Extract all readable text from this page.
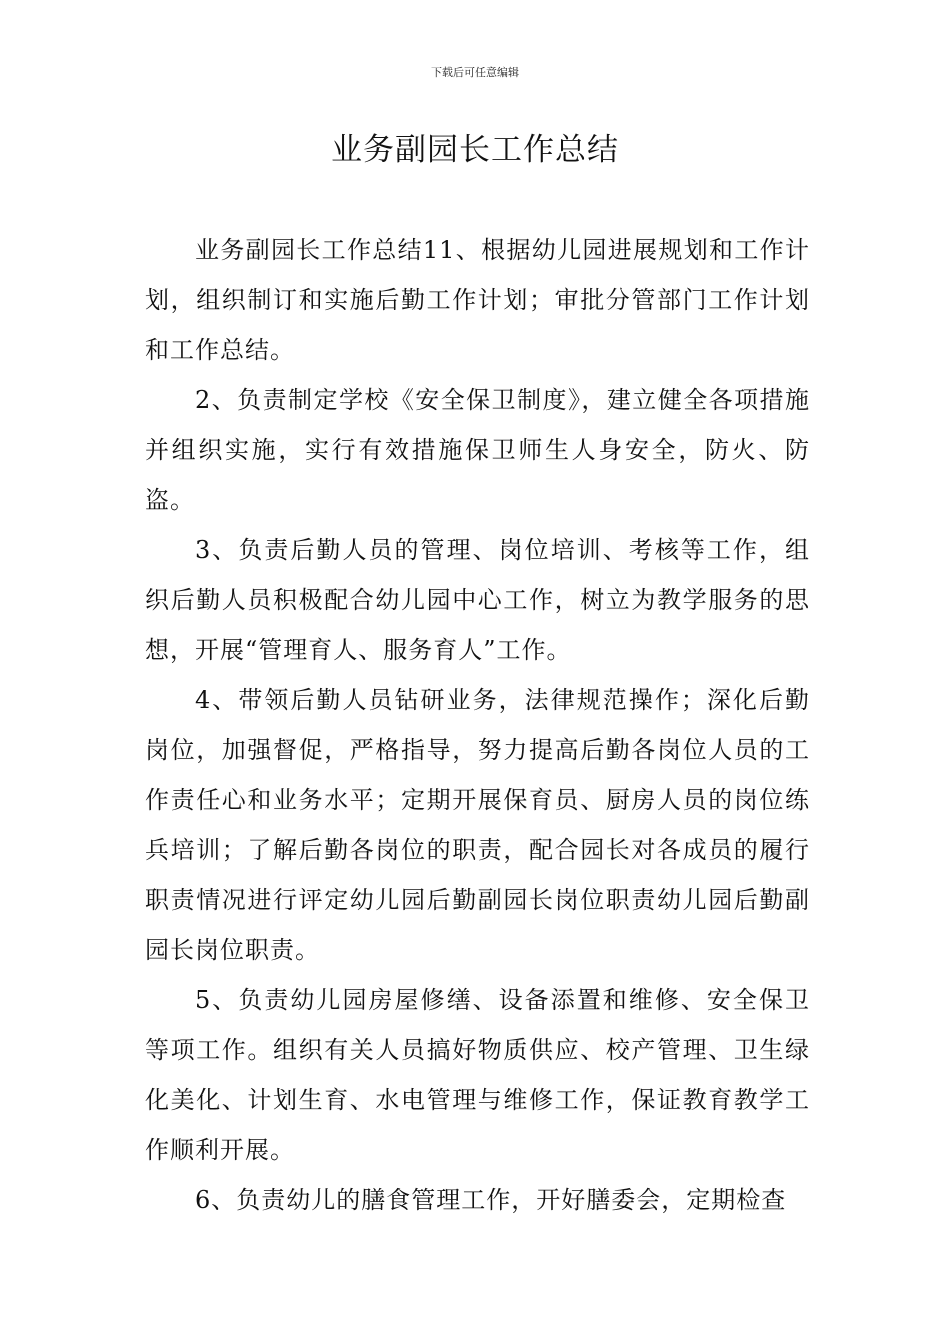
下载后可任意编辑
业务副园长工作总结

业务副园长工作总结11、根据幼儿园进展规划和工作计划，组织制订和实施后勤工作计划；审批分管部门工作计划和工作总结。

2、负责制定学校《安全保卫制度》，建立健全各项措施并组织实施，实行有效措施保卫师生人身安全，防火、防盗。

3、负责后勤人员的管理、岗位培训、考核等工作，组织后勤人员积极配合幼儿园中心工作，树立为教学服务的思想，开展“管理育人、服务育人”工作。

4、带领后勤人员钻研业务，法律规范操作；深化后勤岗位，加强督促，严格指导，努力提高后勤各岗位人员的工作责任心和业务水平；定期开展保育员、厨房人员的岗位练兵培训；了解后勤各岗位的职责，配合园长对各成员的履行职责情况进行评定幼儿园后勤副园长岗位职责幼儿园后勤副园长岗位职责。

5、负责幼儿园房屋修缮、设备添置和维修、安全保卫等项工作。组织有关人员搞好物质供应、校产管理、卫生绿化美化、计划生育、水电管理与维修工作，保证教育教学工作顺利开展。

6、负责幼儿的膳食管理工作，开好膳委会，定期检查
